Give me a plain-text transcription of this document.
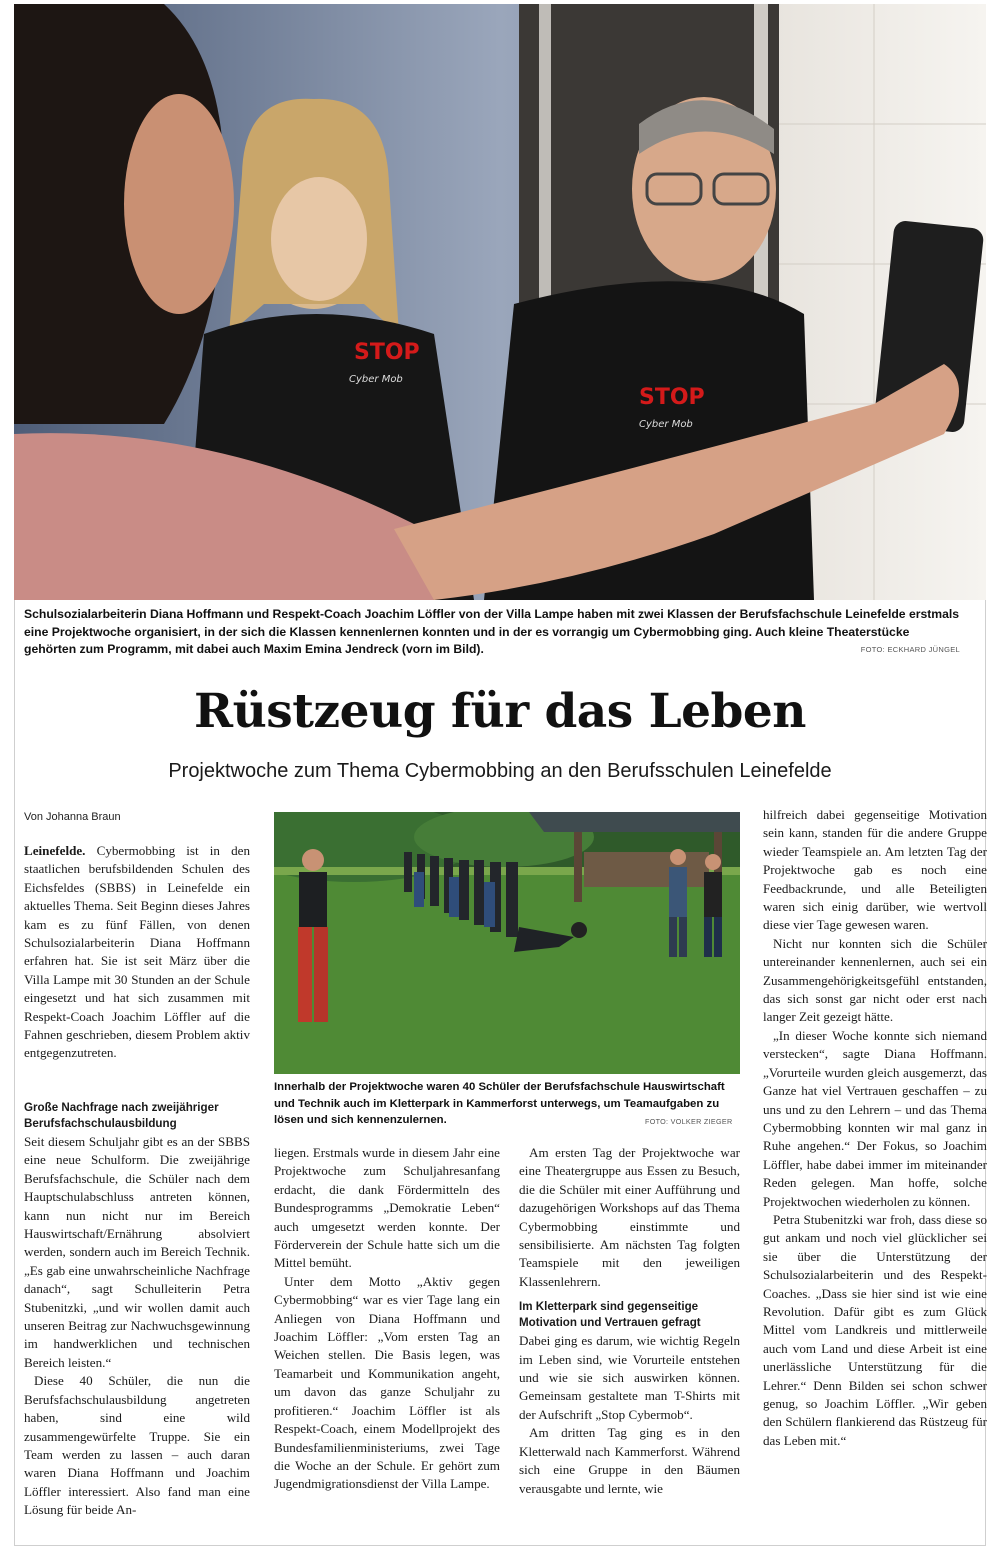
STOP
Cyber Mob
STOP
Cyber Mob
Schulsozialarbeiterin Diana Hoffmann und Respekt-Coach Joachim Löffler von der Villa Lampe haben mit zwei Klassen der Berufsfachschule Leinefelde erstmals eine Projektwoche organisiert, in der sich die Klassen kennenlernen konnten und in der es vorrangig um Cybermobbing ging. Auch kleine Theaterstücke gehörten zum Programm, mit dabei auch Maxim Emina Jendreck (vorn im Bild).	FOTO: ECKHARD JÜNGEL
Rüstzeug für das Leben
Projektwoche zum Thema Cybermobbing an den Berufsschulen Leinefelde
Von Johanna Braun

Leinefelde. Cybermobbing ist in den staatlichen berufsbildenden Schulen des Eichsfeldes (SBBS) in Leinefelde ein aktuelles Thema. Seit Beginn dieses Jahres kam es zu fünf Fällen, von denen Schulsozialarbeiterin Diana Hoffmann erfahren hat. Sie ist seit März über die Villa Lampe mit 30 Stunden an der Schule eingesetzt und hat sich zusammen mit Respekt-Coach Joachim Löffler auf die Fahnen geschrieben, diesem Problem aktiv entgegenzutreten.

Große Nachfrage nach zweijähriger Berufsfachschulausbildung

Seit diesem Schuljahr gibt es an der SBBS eine neue Schulform. Die zweijährige Berufsfachschule, die Schüler nach dem Hauptschulabschluss antreten können, kann nun nicht nur im Bereich Hauswirtschaft/Ernährung absolviert werden, sondern auch im Bereich Technik. „Es gab eine unwahrscheinliche Nachfrage danach“, sagt Schulleiterin Petra Stubenitzki, „und wir wollen damit auch unseren Beitrag zur Nachwuchsgewinnung im handwerklichen und technischen Bereich leisten.“

Diese 40 Schüler, die nun die Berufsfachschulausbildung angetreten haben, sind eine wild zusammengewürfelte Truppe. Sie ein Team werden zu lassen – auch daran waren Diana Hoffmann und Joachim Löffler interessiert. Also fand man eine Lösung für beide An-

Innerhalb der Projektwoche waren 40 Schüler der Berufsfachschule Hauswirtschaft und Technik auch im Kletterpark in Kammerforst unterwegs, um Teamaufgaben zu lösen und sich kennenzulernen.	FOTO: VOLKER ZIEGER

liegen. Erstmals wurde in diesem Jahr eine Projektwoche zum Schuljahresanfang erdacht, die dank Fördermitteln des Bundesprogramms „Demokratie Leben“ auch umgesetzt werden konnte. Der Förderverein der Schule hatte sich um die Mittel bemüht.

Unter dem Motto „Aktiv gegen Cybermobbing“ war es vier Tage lang ein Anliegen von Diana Hoffmann und Joachim Löffler: „Vom ersten Tag an Weichen stellen. Die Basis legen, was Teamarbeit und Kommunikation angeht, um davon das ganze Schuljahr zu profitieren.“ Joachim Löffler ist als Respekt-Coach, einem Modellprojekt des Bundesfamilienministeriums, zwei Tage die Woche an der Schule. Er gehört zum Jugendmigrationsdienst der Villa Lampe.

Am ersten Tag der Projektwoche war eine Theatergruppe aus Essen zu Besuch, die die Schüler mit einer Aufführung und dazugehörigen Workshops auf das Thema Cybermobbing einstimmte und sensibilisierte. Am nächsten Tag folgten Teamspiele mit den jeweiligen Klassenlehrern.

Im Kletterpark sind gegenseitige Motivation und Vertrauen gefragt

Dabei ging es darum, wie wichtig Regeln im Leben sind, wie Vorurteile entstehen und wie sie sich auswirken können. Gemeinsam gestaltete man T-Shirts mit der Aufschrift „Stop Cybermob“.

Am dritten Tag ging es in den Kletterwald nach Kammerforst. Während sich eine Gruppe in den Bäumen verausgabte und lernte, wie

hilfreich dabei gegenseitige Motivation sein kann, standen für die andere Gruppe wieder Teamspiele an. Am letzten Tag der Projektwoche gab es noch eine Feedbackrunde, und alle Beteiligten waren sich einig darüber, wie wertvoll diese vier Tage gewesen waren.

Nicht nur konnten sich die Schüler untereinander kennenlernen, auch sei ein Zusammengehörigkeitsgefühl entstanden, das sich sonst gar nicht oder erst nach langer Zeit gezeigt hätte.

„In dieser Woche konnte sich niemand verstecken“, sagte Diana Hoffmann. „Vorurteile wurden gleich ausgemerzt, das Ganze hat viel Vertrauen geschaffen – zu uns und zu den Lehrern – und das Thema Cybermobbing konnten wir mal ganz in Ruhe angehen.“ Der Fokus, so Joachim Löffler, habe dabei immer im miteinander Reden gelegen. Man hoffe, solche Projektwochen wiederholen zu können.

Petra Stubenitzki war froh, dass diese so gut ankam und noch viel glücklicher sei sie über die Unterstützung der Schulsozialarbeiterin und des Respekt-Coaches. „Dass sie hier sind ist wie eine Revolution. Dafür gibt es zum Glück Mittel vom Landkreis und mittlerweile auch vom Land und diese Arbeit ist eine unerlässliche Unterstützung für die Lehrer.“ Denn Bilden sei schon schwer genug, so Joachim Löffler. „Wir geben den Schülern flankierend das Rüstzeug für das Leben mit.“
